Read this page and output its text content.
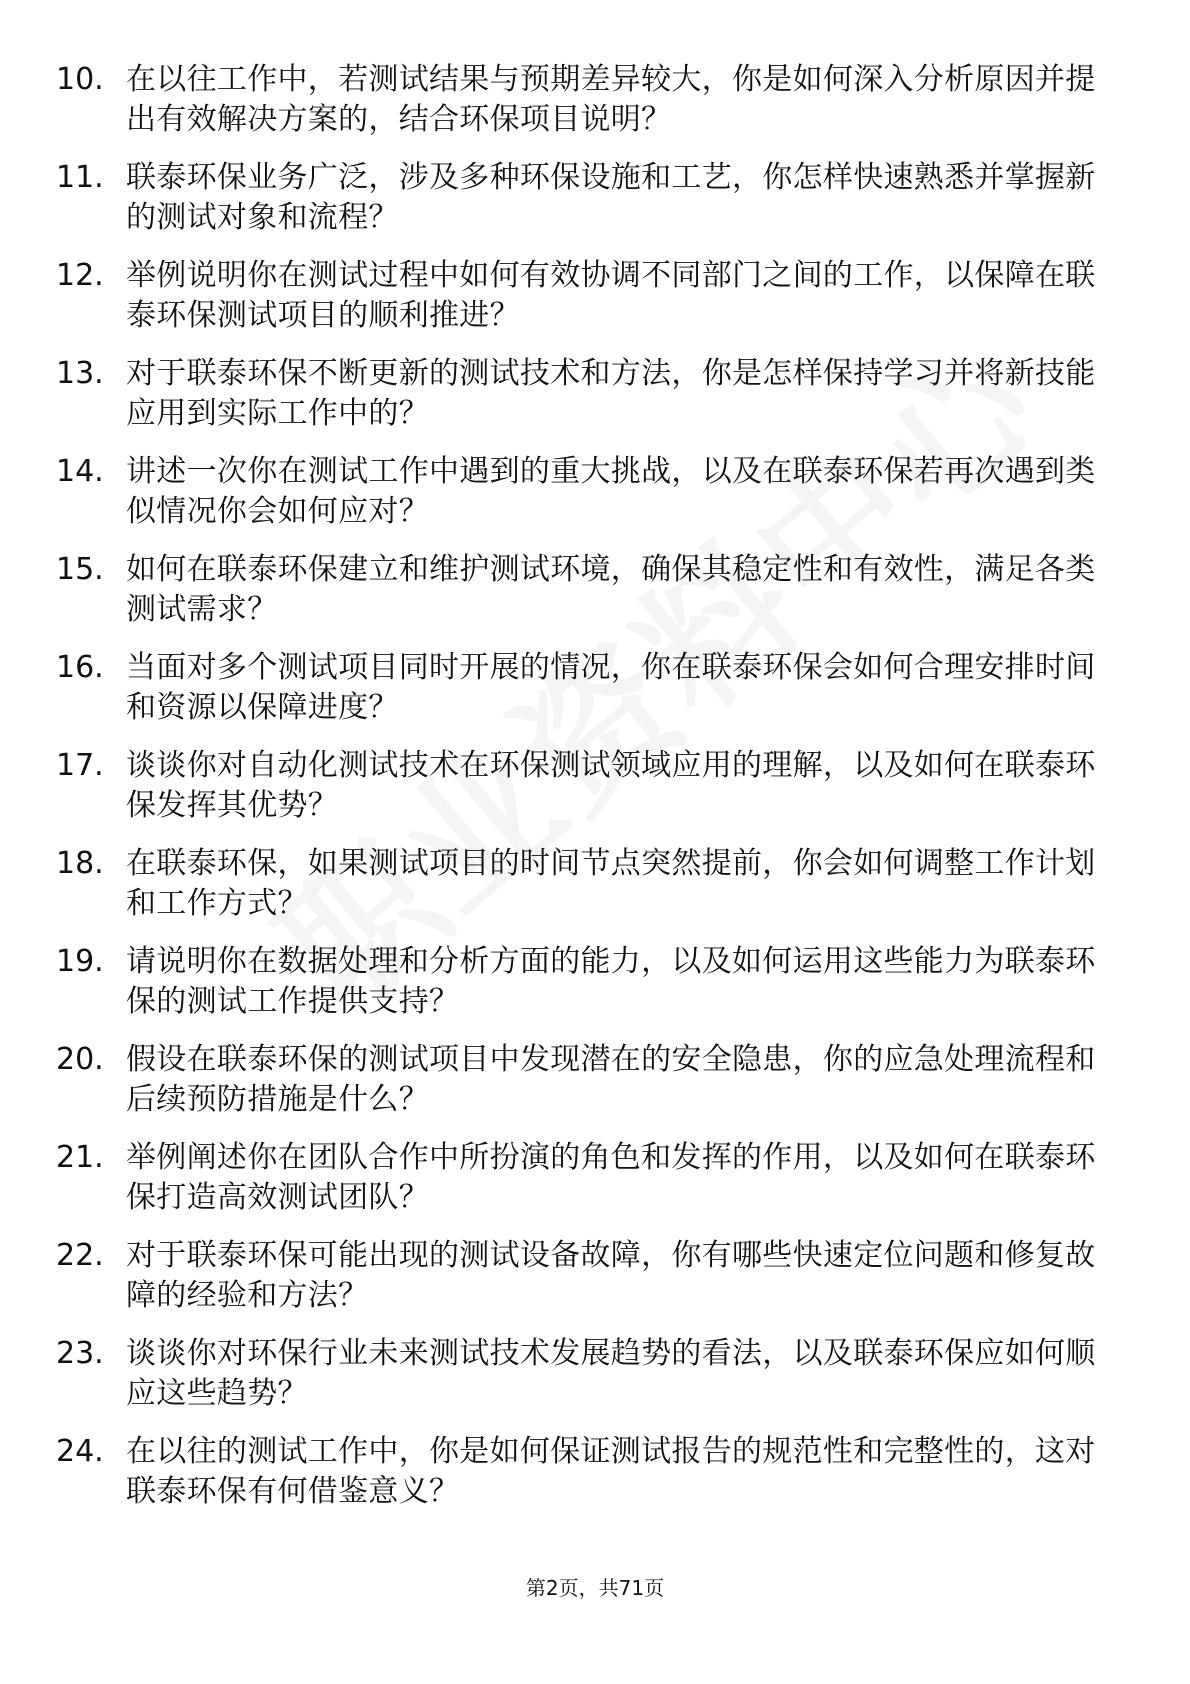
10. 在以往工作中，若测试结果与预期差异较大，你是如何深入分析原因并提出有效解决方案的，结合环保项目说明？
11. 联泰环保业务广泛，涉及多种环保设施和工艺，你怎样快速熟悉并掌握新的测试对象和流程？
12. 举例说明你在测试过程中如何有效协调不同部门之间的工作，以保障在联泰环保测试项目的顺利推进？
13. 对于联泰环保不断更新的测试技术和方法，你是怎样保持学习并将新技能应用到实际工作中的？
14. 讲述一次你在测试工作中遇到的重大挑战，以及在联泰环保若再次遇到类似情况你会如何应对？
15. 如何在联泰环保建立和维护测试环境，确保其稳定性和有效性，满足各类测试需求？
16. 当面对多个测试项目同时开展的情况，你在联泰环保会如何合理安排时间和资源以保障进度？
17. 谈谈你对自动化测试技术在环保测试领域应用的理解，以及如何在联泰环保发挥其优势？
18. 在联泰环保，如果测试项目的时间节点突然提前，你会如何调整工作计划和工作方式？
19. 请说明你在数据处理和分析方面的能力，以及如何运用这些能力为联泰环保的测试工作提供支持？
20. 假设在联泰环保的测试项目中发现潜在的安全隐患，你的应急处理流程和后续预防措施是什么？
21. 举例阐述你在团队合作中所扮演的角色和发挥的作用，以及如何在联泰环保打造高效测试团队？
22. 对于联泰环保可能出现的测试设备故障，你有哪些快速定位问题和修复故障的经验和方法？
23. 谈谈你对环保行业未来测试技术发展趋势的看法，以及联泰环保应如何顺应这些趋势？
24. 在以往的测试工作中，你是如何保证测试报告的规范性和完整性的，这对联泰环保有何借鉴意义？
第2页，共71页
